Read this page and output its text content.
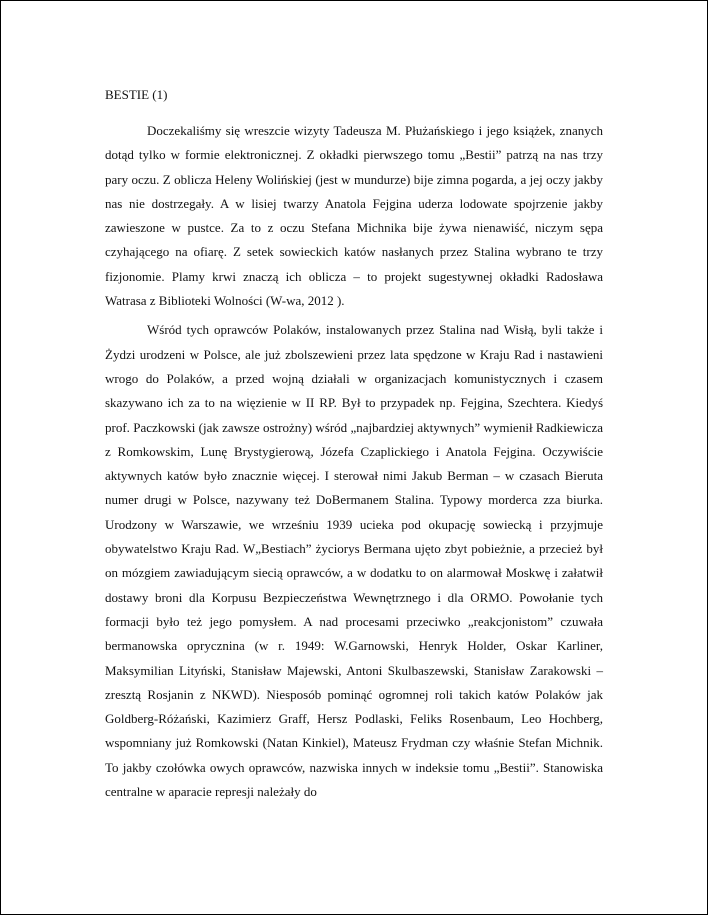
BESTIE (1)

Doczekaliśmy się wreszcie wizyty Tadeusza M. Płużańskiego i jego książek, znanych dotąd tylko w formie elektronicznej. Z okładki pierwszego tomu „Bestii” patrzą na nas trzy pary oczu. Z oblicza Heleny Wolińskiej (jest w mundurze) bije zimna pogarda, a jej oczy jakby nas nie dostrzegały. A w lisiej twarzy Anatola Fejgina uderza lodowate spojrzenie jakby zawieszone w pustce. Za to z oczu Stefana Michnika bije żywa nienawiść, niczym sępa czyhającego na ofiarę. Z setek sowieckich katów nasłanych przez Stalina wybrano te trzy fizjonomie. Plamy krwi znaczą ich oblicza – to projekt sugestywnej okładki Radosława Watrasa z Biblioteki Wolności (W-wa, 2012 ).

Wśród tych oprawców Polaków, instalowanych przez Stalina nad Wisłą, byli także i Żydzi urodzeni w Polsce, ale już zbolszewieni przez lata spędzone w Kraju Rad i nastawieni wrogo do Polaków, a przed wojną działali w organizacjach komunistycznych i czasem skazywano ich za to na więzienie w II RP. Był to przypadek np. Fejgina, Szechtera. Kiedyś prof. Paczkowski (jak zawsze ostrożny) wśród „najbardziej aktywnych” wymienił Radkiewicza z Romkowskim, Lunę Brystygierową, Józefa Czaplickiego i Anatola Fejgina. Oczywiście aktywnych katów było znacznie więcej. I sterował nimi Jakub Berman – w czasach Bieruta numer drugi w Polsce, nazywany też DoBermanem Stalina. Typowy morderca zza biurka. Urodzony w Warszawie, we wrześniu 1939 ucieka pod okupację sowiecką i przyjmuje obywatelstwo Kraju Rad. W„Bestiach” życiorys Bermana ujęto zbyt pobieżnie, a przecież był on mózgiem zawiadującym siecią oprawców, a w dodatku to on alarmował Moskwę i załatwił dostawy broni dla Korpusu Bezpieczeństwa Wewnętrznego i dla ORMO. Powołanie tych formacji było też jego pomysłem. A nad procesami przeciwko „reakcjonistom” czuwała bermanowska oprycznina (w r. 1949: W.Garnowski, Henryk Holder, Oskar Karliner, Maksymilian Lityński, Stanisław Majewski, Antoni Skulbaszewski, Stanisław Zarakowski – zresztą Rosjanin z NKWD). Niesposób pominąć ogromnej roli takich katów Polaków jak Goldberg-Różański, Kazimierz Graff, Hersz Podlaski, Feliks Rosenbaum, Leo Hochberg, wspomniany już Romkowski (Natan Kinkiel), Mateusz Frydman czy właśnie Stefan Michnik. To jakby czołówka owych oprawców, nazwiska innych w indeksie tomu „Bestii”. Stanowiska centralne w aparacie represji należały do
